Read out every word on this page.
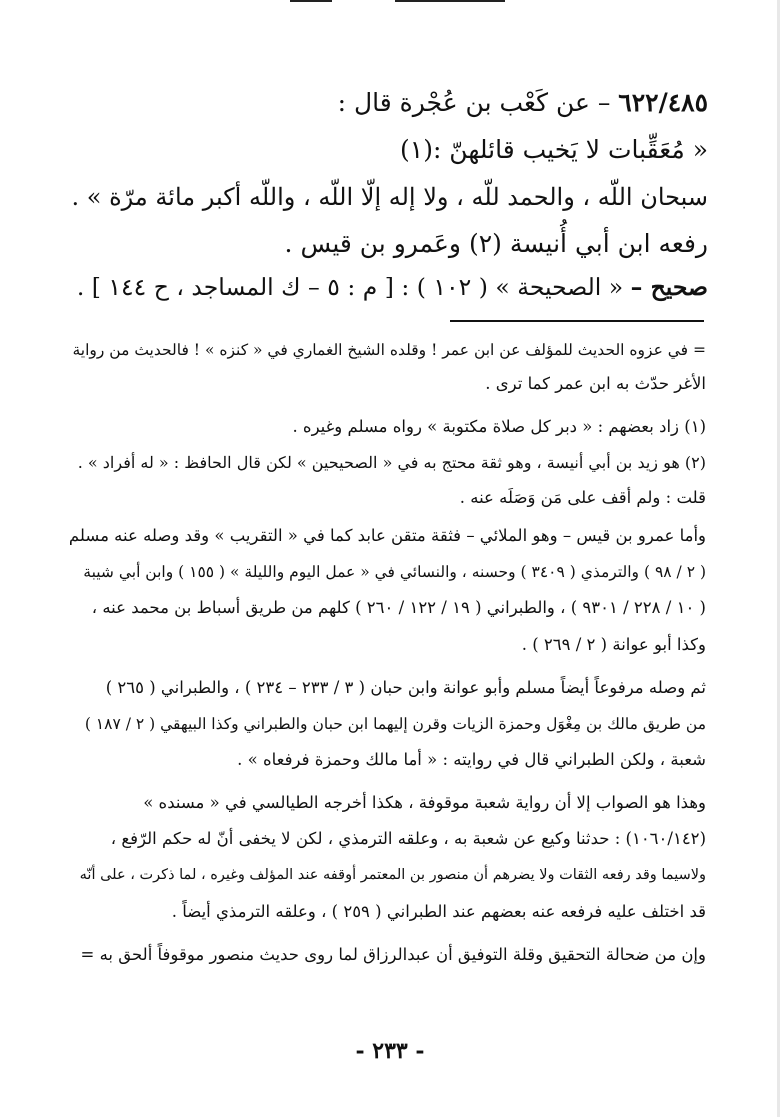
٦٢٢/٤٨٥ – عن كَعْب بن عُجْرة قال :
« مُعَقِّبات لا يَخيب قائلهنّ :(١)
سبحان اللّه ، والحمد للّه ، ولا إله إلّا اللّه ، واللّه أكبر مائة مرّة » .
رفعه ابن أبي أُنيسة (٢) وعَمرو بن قيس .
صحيح – « الصحيحة » ( ١٠٢ ) : [ م : ٥ – ك المساجد ، ح ١٤٤ ] .
= في عزوه الحديث للمؤلف عن ابن عمر ! وقلده الشيخ الغماري في « كنزه » ! فالحديث من رواية
الأغر حدّث به ابن عمر كما ترى .
(١) زاد بعضهم : « دبر كل صلاة مكتوبة » رواه مسلم وغيره .
(٢) هو زيد بن أبي أنيسة ، وهو ثقة محتج به في « الصحيحين » لكن قال الحافظ : « له أفراد » .
قلت : ولم أقف على مَن وَصَلَه عنه .
وأما عمرو بن قيس – وهو الملائي – فثقة متقن عابد كما في « التقريب » وقد وصله عنه مسلم
( ٢ / ٩٨ ) والترمذي ( ٣٤٠٩ ) وحسنه ، والنسائي في « عمل اليوم والليلة » ( ١٥٥ ) وابن أبي شيبة
( ١٠ / ٢٢٨ / ٩٣٠١ ) ، والطبراني ( ١٩ / ١٢٢ / ٢٦٠ ) كلهم من طريق أسباط بن محمد عنه ،
وكذا أبو عوانة ( ٢ / ٢٦٩ ) .
ثم وصله مرفوعاً أيضاً مسلم وأبو عوانة وابن حبان ( ٣ / ٢٣٣ – ٢٣٤ ) ، والطبراني ( ٢٦٥ )
من طريق مالك بن مِغْوَل وحمزة الزيات وقرن إليهما ابن حبان والطبراني وكذا البيهقي ( ٢ / ١٨٧ )
شعبة ، ولكن الطبراني قال في روايته : « أما مالك وحمزة فرفعاه » .
وهذا هو الصواب إلا أن رواية شعبة موقوفة ، هكذا أخرجه الطيالسي في « مسنده »
(١٠٦٠/١٤٢) : حدثنا وكيع عن شعبة به ، وعلقه الترمذي ، لكن لا يخفى أنّ له حكم الرّفع ،
ولاسيما وقد رفعه الثقات ولا يضرهم أن منصور بن المعتمر أوقفه عند المؤلف وغيره ، لما ذكرت ، على أنّه
قد اختلف عليه فرفعه عنه بعضهم عند الطبراني ( ٢٥٩ ) ، وعلقه الترمذي أيضاً .
وإن من ضحالة التحقيق وقلة التوفيق أن عبدالرزاق لما روى حديث منصور موقوفاً ألحق به =
- ٢٣٣ -
